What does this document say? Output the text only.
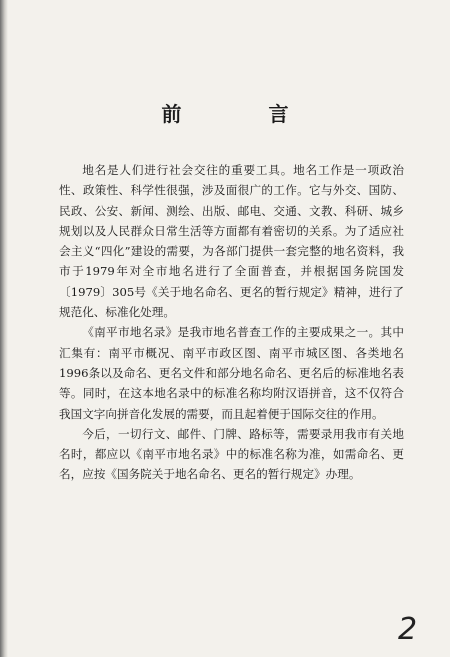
前 言

地名是人们进行社会交往的重要工具。地名工作是一项政治性、政策性、科学性很强，涉及面很广的工作。它与外交、国防、民政、公安、新闻、测绘、出版、邮电、交通、文教、科研、城乡规划以及人民群众日常生活等方面都有着密切的关系。为了适应社会主义“四化”建设的需要，为各部门提供一套完整的地名资料，我市于1979年对全市地名进行了全面普查，并根据国务院国发〔1979〕305号《关于地名命名、更名的暂行规定》精神，进行了规范化、标准化处理。

《南平市地名录》是我市地名普查工作的主要成果之一。其中汇集有：南平市概况、南平市政区图、南平市城区图、各类地名1996条以及命名、更名文件和部分地名命名、更名后的标准地名表等。同时，在这本地名录中的标准名称均附汉语拼音，这不仅符合我国文字向拼音化发展的需要，而且起着便于国际交往的作用。

今后，一切行文、邮件、门牌、路标等，需要录用我市有关地名时，都应以《南平市地名录》中的标准名称为准，如需命名、更名，应按《国务院关于地名命名、更名的暂行规定》办理。

2
